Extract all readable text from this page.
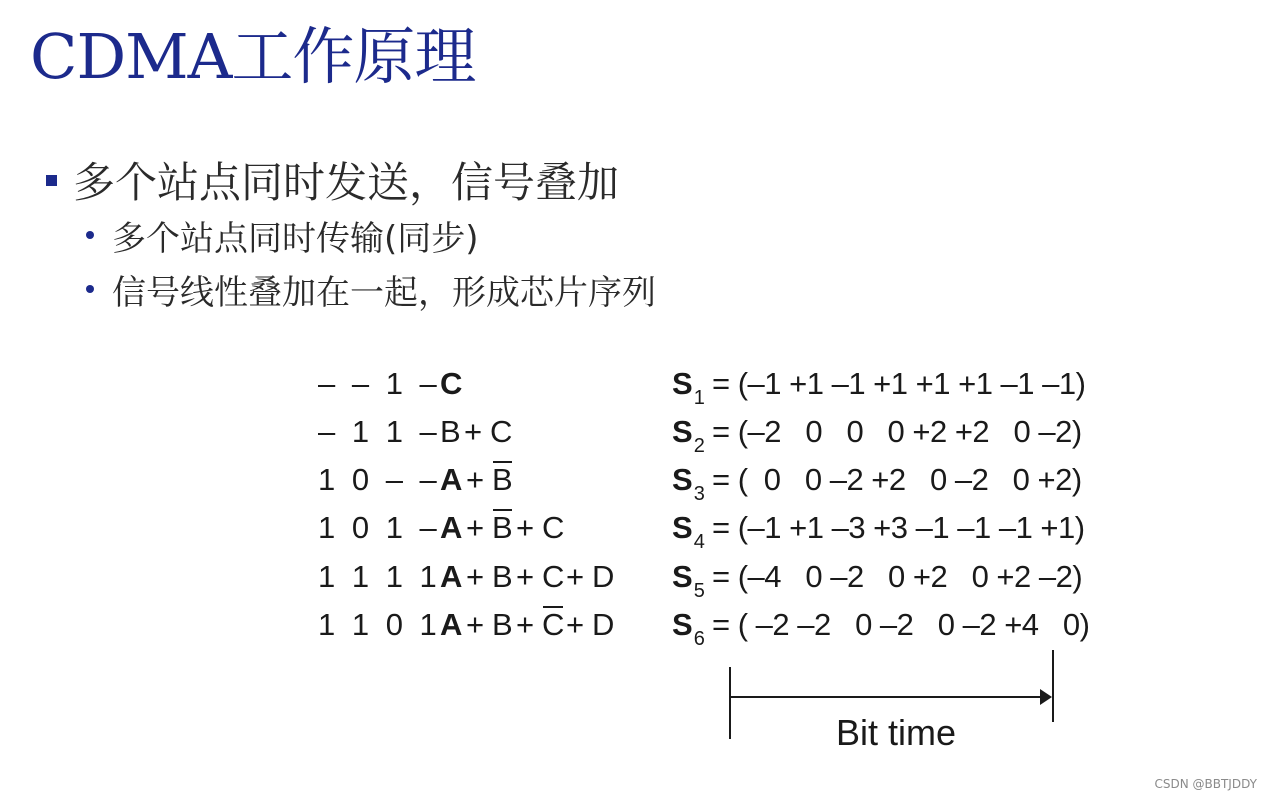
CDMA工作原理
多个站点同时发送，信号叠加
多个站点同时传输(同步)
信号线性叠加在一起，形成芯片序列
– – 1 – C	$S_1 = (-1 +1$ –1 +1 +1 +1 –1 –1)
– 1 1 – B + C	$S_2 = (-2$   0   0   0 +2 +2   0 –2)
1 0 – – A + B	$S_3$ = (  0   0 –2 +2   0 –2   0 +2)
1 0 1 – A + B + C	$S_4 = (-1 +1$ –3 +3 –1 –1 –1 +1)
1 1 1 1 A + B + C + D $S_5 = (-4$   0 –2   0 +2   0 +2 –2)
1 1 0 1 A + B + C + D $S_6$ = ( –2 –2   0 –2   0 –2 +4   0)
Bit time
CSDN @BBTJDDY
